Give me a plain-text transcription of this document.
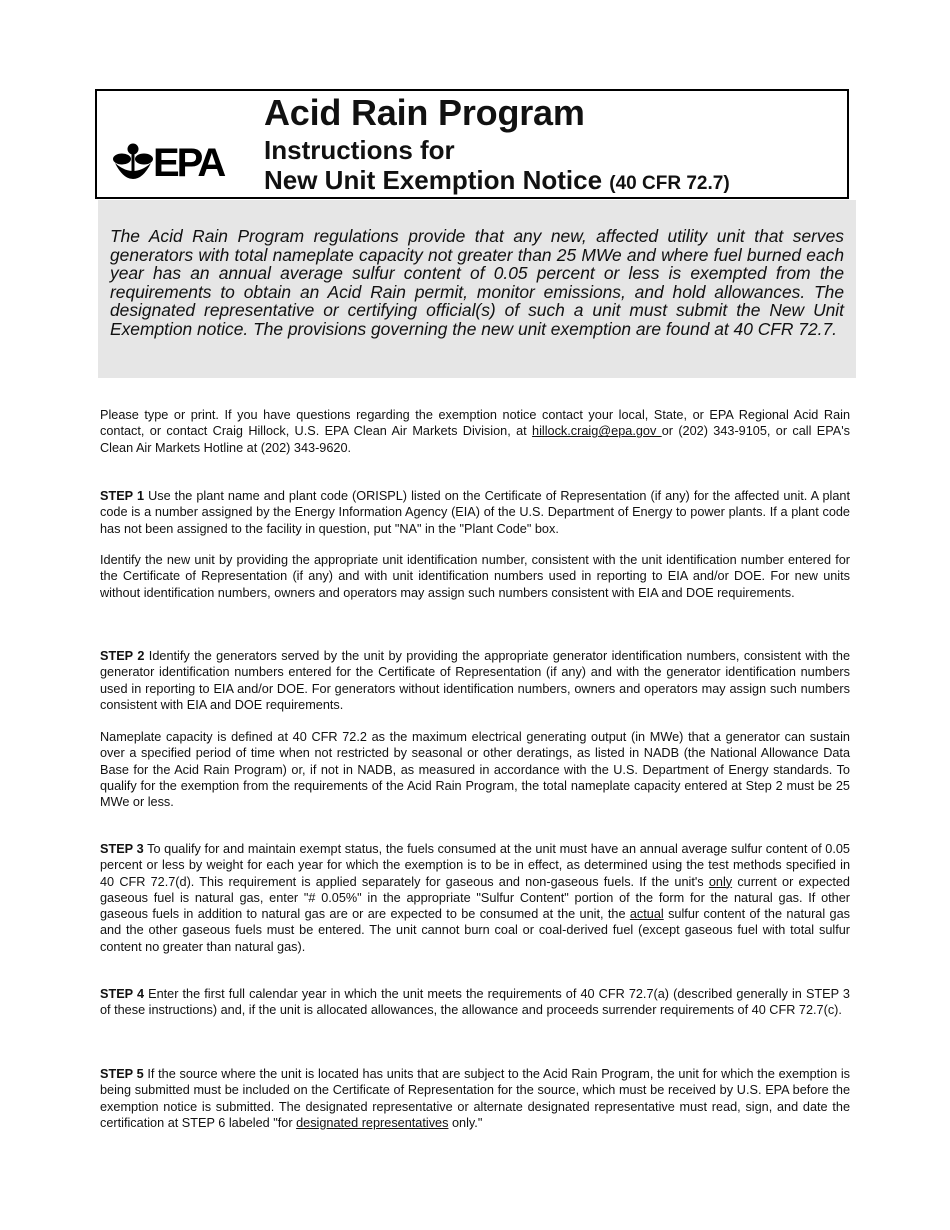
EPA
Acid Rain Program
Instructions for
New Unit Exemption Notice (40 CFR 72.7)

The Acid Rain Program regulations provide that any new, affected utility unit that serves generators with total nameplate capacity not greater than 25 MWe and where fuel burned each year has an annual average sulfur content of 0.05 percent or less is exempted from the requirements to obtain an Acid Rain permit, monitor emissions, and hold allowances. The designated representative or certifying official(s) of such a unit must submit the New Unit Exemption notice. The provisions governing the new unit exemption are found at 40 CFR 72.7.

Please type or print. If you have questions regarding the exemption notice contact your local, State, or EPA Regional Acid Rain contact, or contact Craig Hillock, U.S. EPA Clean Air Markets Division, at hillock.craig@epa.gov or (202) 343-9105, or call EPA's Clean Air Markets Hotline at (202) 343-9620.

STEP 1 Use the plant name and plant code (ORISPL) listed on the Certificate of Representation (if any) for the affected unit. A plant code is a number assigned by the Energy Information Agency (EIA) of the U.S. Department of Energy to power plants. If a plant code has not been assigned to the facility in question, put "NA" in the "Plant Code" box.

Identify the new unit by providing the appropriate unit identification number, consistent with the unit identification number entered for the Certificate of Representation (if any) and with unit identification numbers used in reporting to EIA and/or DOE. For new units without identification numbers, owners and operators may assign such numbers consistent with EIA and DOE requirements.

STEP 2 Identify the generators served by the unit by providing the appropriate generator identification numbers, consistent with the generator identification numbers entered for the Certificate of Representation (if any) and with the generator identification numbers used in reporting to EIA and/or DOE. For generators without identification numbers, owners and operators may assign such numbers consistent with EIA and DOE requirements.

Nameplate capacity is defined at 40 CFR 72.2 as the maximum electrical generating output (in MWe) that a generator can sustain over a specified period of time when not restricted by seasonal or other deratings, as listed in NADB (the National Allowance Data Base for the Acid Rain Program) or, if not in NADB, as measured in accordance with the U.S. Department of Energy standards. To qualify for the exemption from the requirements of the Acid Rain Program, the total nameplate capacity entered at Step 2 must be 25 MWe or less.

STEP 3 To qualify for and maintain exempt status, the fuels consumed at the unit must have an annual average sulfur content of 0.05 percent or less by weight for each year for which the exemption is to be in effect, as determined using the test methods specified in 40 CFR 72.7(d). This requirement is applied separately for gaseous and non-gaseous fuels. If the unit's only current or expected gaseous fuel is natural gas, enter "# 0.05%" in the appropriate "Sulfur Content" portion of the form for the natural gas. If other gaseous fuels in addition to natural gas are or are expected to be consumed at the unit, the actual sulfur content of the natural gas and the other gaseous fuels must be entered. The unit cannot burn coal or coal-derived fuel (except gaseous fuel with total sulfur content no greater than natural gas).

STEP 4 Enter the first full calendar year in which the unit meets the requirements of 40 CFR 72.7(a) (described generally in STEP 3 of these instructions) and, if the unit is allocated allowances, the allowance and proceeds surrender requirements of 40 CFR 72.7(c).

STEP 5 If the source where the unit is located has units that are subject to the Acid Rain Program, the unit for which the exemption is being submitted must be included on the Certificate of Representation for the source, which must be received by U.S. EPA before the exemption notice is submitted. The designated representative or alternate designated representative must read, sign, and date the certification at STEP 6 labeled "for designated representatives only."
